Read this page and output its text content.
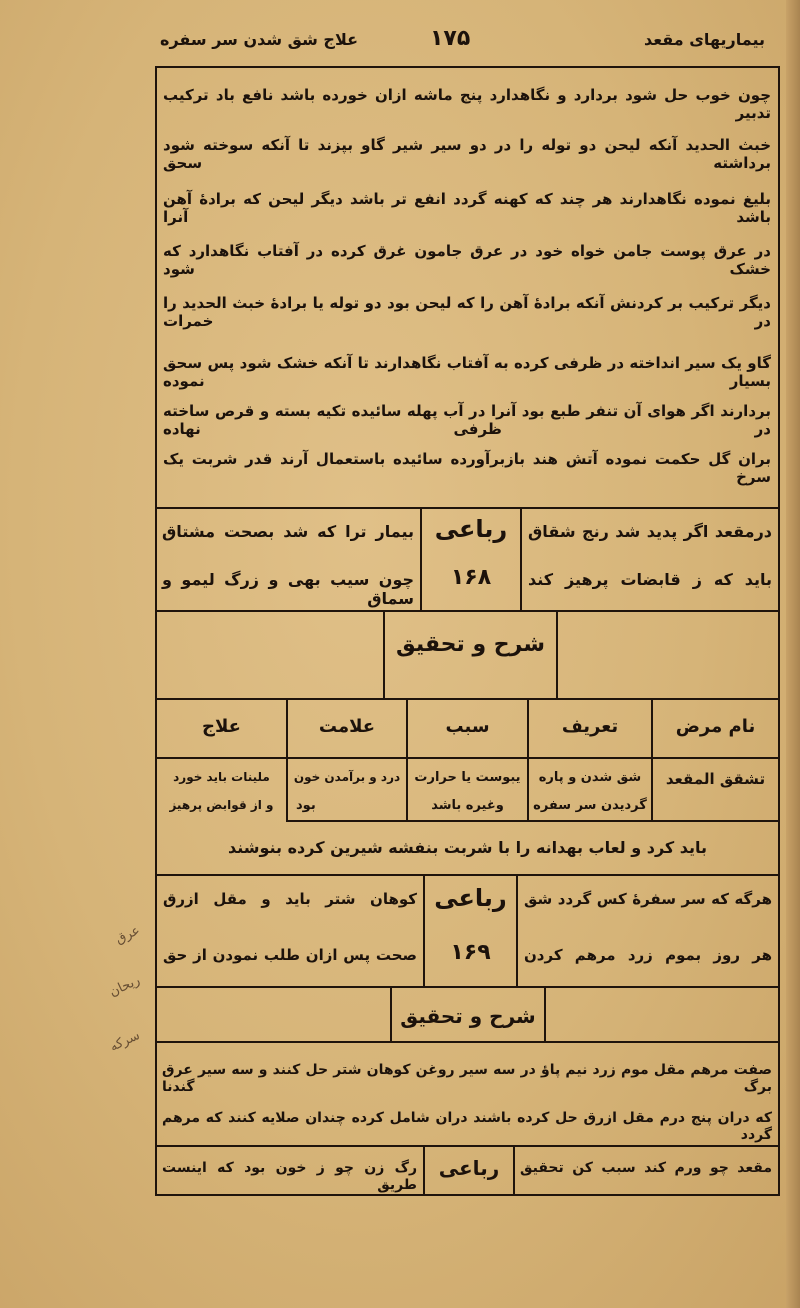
بیماریهای مقعد
۱۷۵
علاج شق شدن سر سفره
چون خوب حل شود بردارد و نگاهدارد پنج ماشه ازان خورده باشد نافع باد ترکیب تدبیر
خبث الحدید آنکه لیحن دو توله را در دو سیر شیر گاو بپزند تا آنکه سوخته شود برداشته سحق
بلیغ نموده نگاهدارند هر چند که کهنه گردد انفع تر باشد دیگر لیحن که برادهٔ آهن باشد آنرا
در عرق پوست جامن خواه خود در عرق جامون غرق کرده در آفتاب نگاهدارد که خشک شود
دیگر ترکیب بر کردنش آنکه برادهٔ آهن را که لیحن بود دو توله یا برادهٔ خبث الحدید را در خمرات
گاو یک سیر انداخته در ظرفی کرده به آفتاب نگاهدارند تا آنکه خشک شود پس سحق بسیار نموده
بردارند اگر هوای آن تنفر طبع بود آنرا در آب پهله سائیده تکیه بسته و قرص ساخته در ظرفی نهاده
بران گل حکمت نموده آتش هند بازبرآورده سائیده باستعمال آرند قدر شربت یک سرخ
درمقعد اگر پدید شد رنج شقاق
باید که ز قابضات پرهیز کند
رباعی
۱۶۸
بیمار ترا که شد بصحت مشتاق
چون سیب بهی و زرگ لیمو و سماق
شرح و تحقیق
نام مرض
تعریف
سبب
علامت
علاج
تشقق المقعد
شق شدن و پاره
گردیدن سر سفره
یبوست یا حرارت
وغیره باشد
درد و برآمدن خون
بود
ملینات باید خورد
و از قوابض پرهیز
باید کرد و لعاب بهدانه را با شربت بنفشه شیرین کرده بنوشند
هرگه که سر سفرهٔ کس گردد شق
هر روز بموم زرد مرهم کردن
رباعی
۱۶۹
کوهان شتر باید و مقل ازرق
صحت پس ازان طلب نمودن از حق
شرح و تحقیق
صفت مرهم مقل موم زرد نیم پاؤ در سه سیر روغن کوهان شتر حل کنند و سه سیر عرق برگ گندنا
که دران پنج درم مقل ازرق حل کرده باشند دران شامل کرده چندان صلایه کنند که مرهم گردد
مقعد چو ورم کند سبب کن تحقیق
رباعی
رگ زن چو ز خون بود که اینست طریق
عرق
ریحان
سرکه
